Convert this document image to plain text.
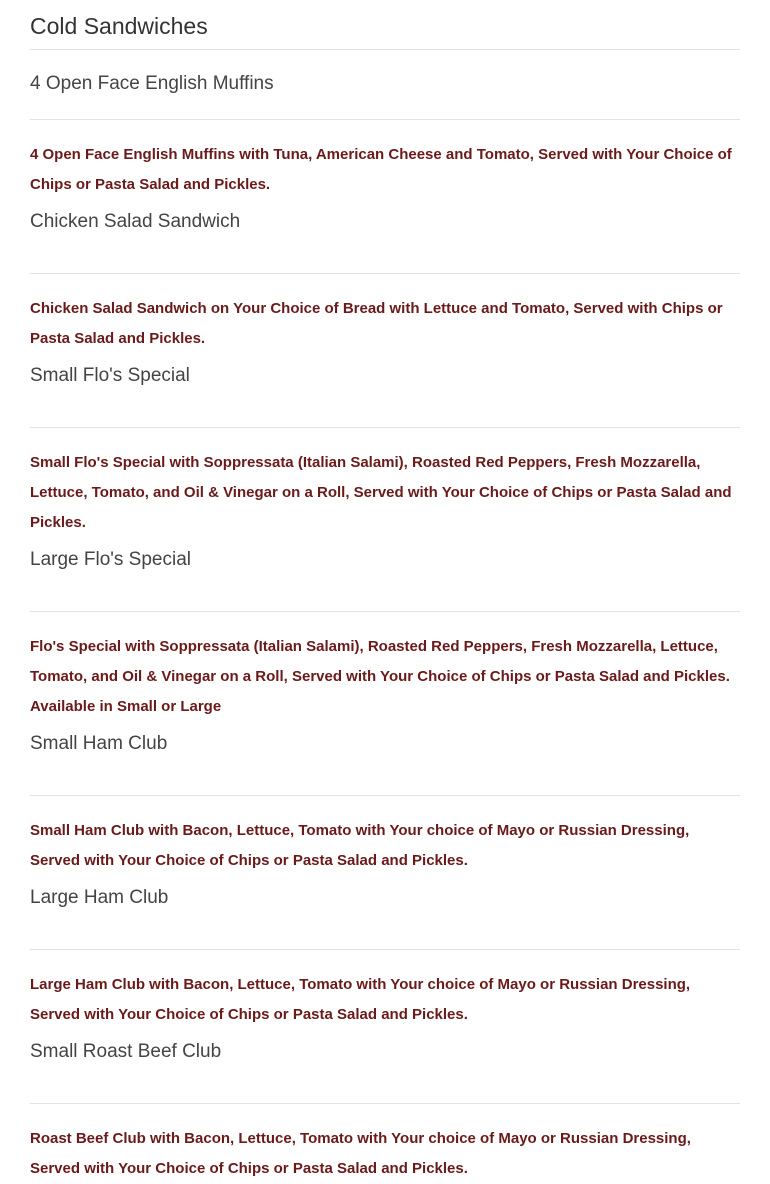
Cold Sandwiches
4 Open Face English Muffins

4 Open Face English Muffins with Tuna, American Cheese and Tomato, Served with Your Choice of Chips or Pasta Salad and Pickles.

Chicken Salad Sandwich

Chicken Salad Sandwich on Your Choice of Bread with Lettuce and Tomato, Served with Chips or Pasta Salad and Pickles.

Small Flo's Special

Small Flo's Special with Soppressata (Italian Salami), Roasted Red Peppers, Fresh Mozzarella, Lettuce, Tomato, and Oil & Vinegar on a Roll, Served with Your Choice of Chips or Pasta Salad and Pickles.

Large Flo's Special

Flo's Special with Soppressata (Italian Salami), Roasted Red Peppers, Fresh Mozzarella, Lettuce, Tomato, and Oil & Vinegar on a Roll, Served with Your Choice of Chips or Pasta Salad and Pickles. Available in Small or Large

Small Ham Club

Small Ham Club with Bacon, Lettuce, Tomato with Your choice of Mayo or Russian Dressing, Served with Your Choice of Chips or Pasta Salad and Pickles.

Large Ham Club

Large Ham Club with Bacon, Lettuce, Tomato with Your choice of Mayo or Russian Dressing, Served with Your Choice of Chips or Pasta Salad and Pickles.

Small Roast Beef Club

Roast Beef Club with Bacon, Lettuce, Tomato with Your choice of Mayo or Russian Dressing, Served with Your Choice of Chips or Pasta Salad and Pickles.
